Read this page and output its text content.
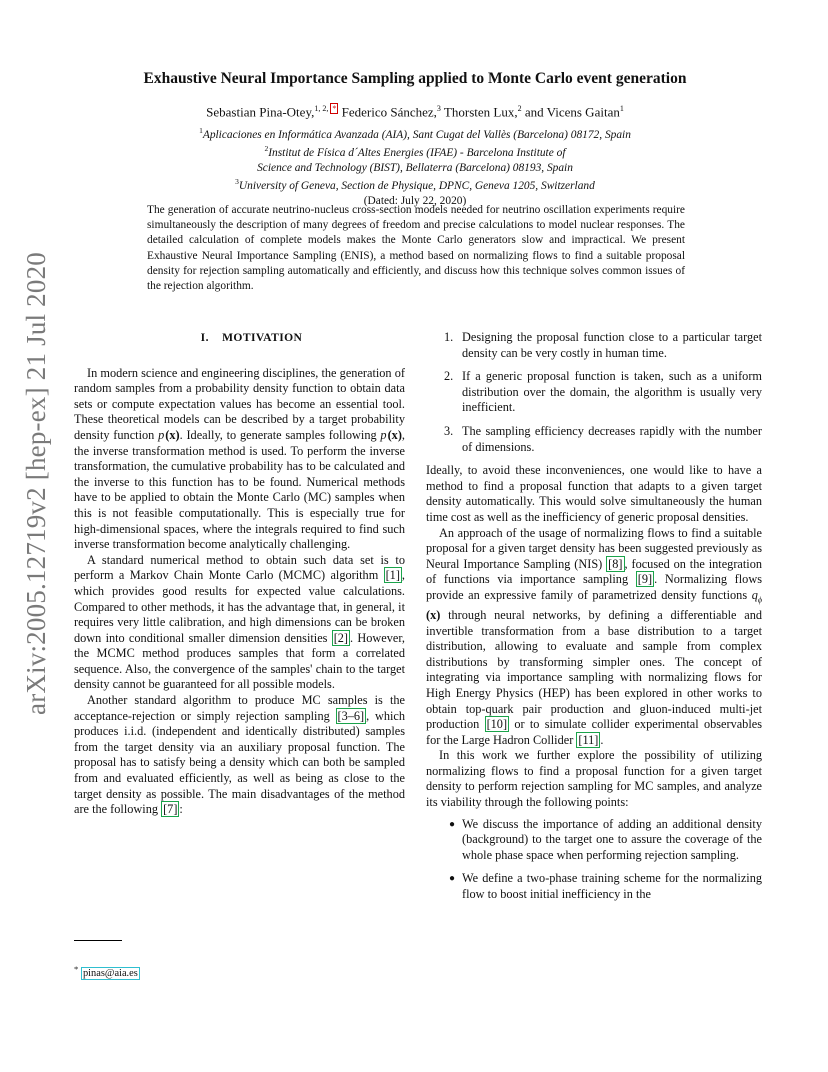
arXiv:2005.12719v2 [hep-ex] 21 Jul 2020
Exhaustive Neural Importance Sampling applied to Monte Carlo event generation
Sebastian Pina-Otey,$^{1, 2,}$ * Federico Sánchez,$^3$ Thorsten Lux,$^2$ and Vicens Gaitan$^1$
$^1$Aplicaciones en Informática Avanzada (AIA), Sant Cugat del Vallès (Barcelona) 08172, Spain
$^2$Institut de Física d´Altes Energies (IFAE) - Barcelona Institute of
Science and Technology (BIST), Bellaterra (Barcelona) 08193, Spain
$^3$University of Geneva, Section de Physique, DPNC, Geneva 1205, Switzerland
(Dated: July 22, 2020)

The generation of accurate neutrino-nucleus cross-section models needed for neutrino oscillation experiments require simultaneously the description of many degrees of freedom and precise calculations to model nuclear responses. The detailed calculation of complete models makes the Monte Carlo generators slow and impractical. We present Exhaustive Neural Importance Sampling (ENIS), a method based on normalizing flows to find a suitable proposal density for rejection sampling automatically and efficiently, and discuss how this technique solves common issues of the rejection algorithm.

I. MOTIVATION

In modern science and engineering disciplines, the generation of random samples from a probability density function to obtain data sets or compute expectation values has become an essential tool. These theoretical models can be described by a target probability density function p (x). Ideally, to generate samples following p (x), the inverse transformation method is used. To perform the inverse transformation, the cumulative probability has to be calculated and the inverse to this function has to be found. Numerical methods have to be applied to obtain the Monte Carlo (MC) samples when this is not feasible computationally. This is especially true for high-dimensional spaces, where the integrals required to find such inverse transformation become analytically challenging.

A standard numerical method to obtain such data set is to perform a Markov Chain Monte Carlo (MCMC) algorithm [1] , which provides good results for expected value calculations. Compared to other methods, it has the advantage that, in general, it requires very little calibration, and high dimensions can be broken down into conditional smaller dimension densities [2] . However, the MCMC method produces samples that form a correlated sequence. Also, the convergence of the samples' chain to the target density cannot be guaranteed for all possible models.

Another standard algorithm to produce MC samples is the acceptance-rejection or simply rejection sampling [3–6] , which produces i.i.d. (independent and identically distributed) samples from the target density via an auxiliary proposal function. The proposal has to satisfy being a density which can both be sampled from and evaluated efficiently, as well as being as close to the target density as possible. The main disadvantages of the method are the following [7] :

1. Designing the proposal function close to a particular target density can be very costly in human time.
2. If a generic proposal function is taken, such as a uniform distribution over the domain, the algorithm is usually very inefficient.
3. The sampling efficiency decreases rapidly with the number of dimensions.

Ideally, to avoid these inconveniences, one would like to have a method to find a proposal function that adapts to a given target density automatically. This would solve simultaneously the human time cost as well as the inefficiency of generic proposal densities.

An approach of the usage of normalizing flows to find a suitable proposal for a given target density has been suggested previously as Neural Importance Sampling (NIS) [8] , focused on the integration of functions via importance sampling [9] . Normalizing flows provide an expressive family of parametrized density functions $q_\phi$ (x) through neural networks, by defining a differentiable and invertible transformation from a base distribution to a target distribution, allowing to evaluate and sample from complex distributions by transforming simpler ones. The concept of integrating via importance sampling with normalizing flows for High Energy Physics (HEP) has been explored in other works to obtain top-quark pair production and gluon-induced multi-jet production [10] or to simulate collider experimental observables for the Large Hadron Collider [11] .

In this work we further explore the possibility of utilizing normalizing flows to find a proposal function for a given target density to perform rejection sampling for MC samples, and analyze its viability through the following points:

● We discuss the importance of adding an additional density (background) to the target one to assure the coverage of the whole phase space when performing rejection sampling.
● We define a two-phase training scheme for the normalizing flow to boost initial inefficiency in the
* pinas@aia.es
